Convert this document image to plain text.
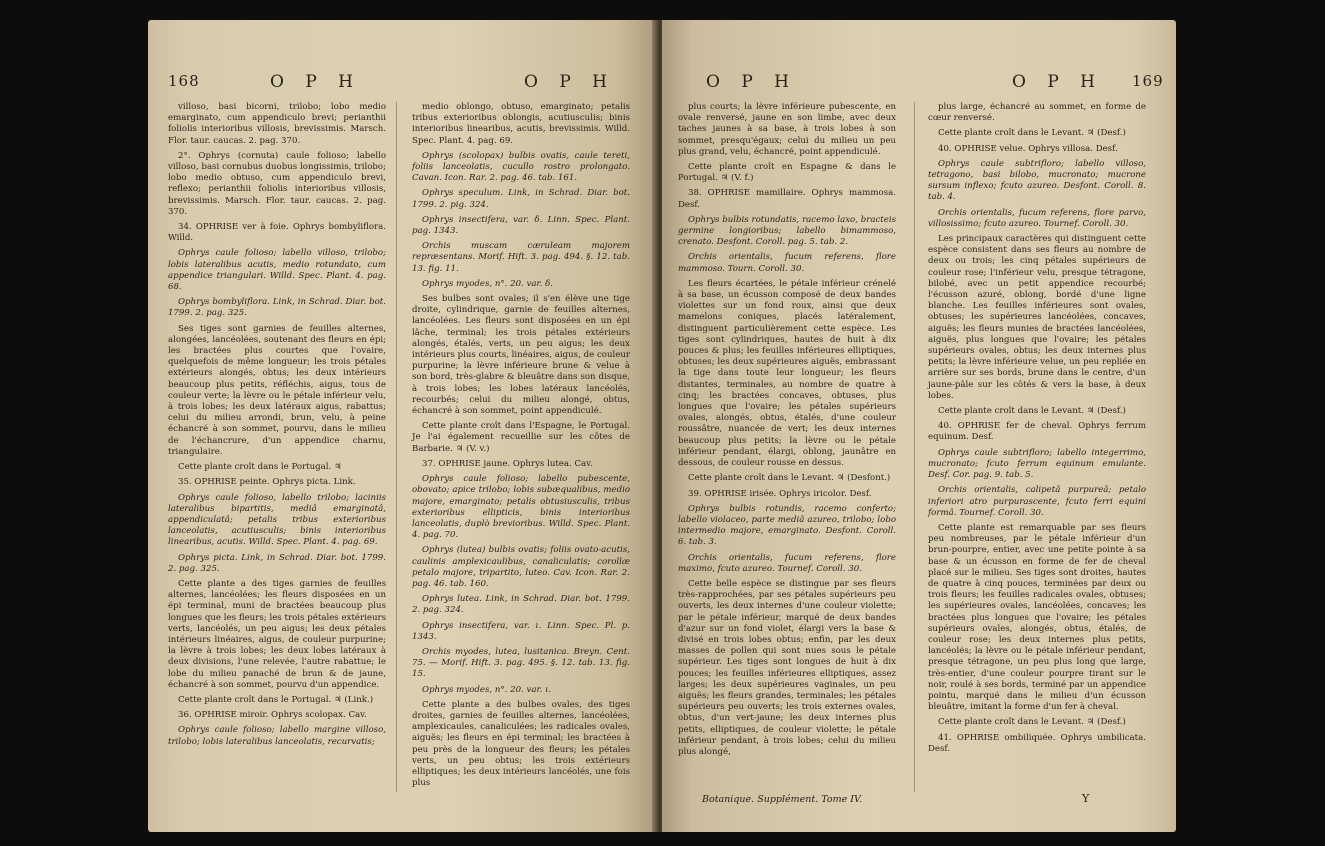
168	O P H	O P H

villoso, basi bicorni, trilobo; lobo medio emarginato, cum appendiculo brevi; perianthii foliolis interioribus villosis, brevissimis. Marsch. Flor. taur. caucas. 2. pag. 370.

2°. Ophrys (cornuta) caule folioso; labello villoso, basi cornubus duobus longissimis, trilobo; lobo medio obtuso, cum appendiculo brevi, reflexo; perianthii foliolis interioribus villosis, brevissimis. Marsch. Flor. taur. caucas. 2. pag. 370.

34. OPHRISE ver à foie. Ophrys bombyliflora. Willd.

Ophrys caule folioso; labello villoso, trilobo; lobis lateralibus acutis, medio rotundato, cum appendice triangulari. Willd. Spec. Plant. 4. pag. 68.

Ophrys bombyliflora. Link, in Schrad. Diar. bot. 1799. 2. pag. 325.

Ses tiges sont garnies de feuilles alternes, alongées, lancéolées, soutenant des fleurs en épi; les bractées plus courtes que l'ovaire, quelquefois de même longueur; les trois pétales extérieurs alongés, obtus; les deux intérieurs beaucoup plus petits, réfléchis, aigus, tous de couleur verte; la lèvre ou le pétale inférieur velu, à trois lobes; les deux latéraux aigus, rabattus; celui du milieu arrondi, brun, velu, à peine échancré à son sommet, pourvu, dans le milieu de l'échancrure, d'un appendice charnu, triangulaire.

Cette plante croît dans le Portugal. ♃

35. OPHRISE peinte. Ophrys picta. Link.

Ophrys caule folioso, labello trilobo; laciniis lateralibus bipartitis, mediâ emarginatâ, appendiculatâ; petalis tribus exterioribus lanceolatis, acutiusculis; binis interioribus linearibus, acutis. Willd. Spec. Plant. 4. pag. 69.

Ophrys picta. Link, in Schrad. Diar. bot. 1799. 2. pag. 325.

Cette plante a des tiges garnies de feuilles alternes, lancéolées; les fleurs disposées en un épi terminal, muni de bractées beaucoup plus longues que les fleurs; les trois pétales extérieurs verts, lancéolés, un peu aigus; les deux pétales intérieurs linéaires, aigus, de couleur purpurine; la lèvre à trois lobes; les deux lobes latéraux à deux divisions, l'une relevée, l'autre rabattue; le lobe du milieu panaché de brun & de jaune, échancré à son sommet, pourvu d'un appendice.

Cette plante croît dans le Portugal. ♃ (Link.)

36. OPHRISE miroir. Ophrys scolopax. Cav.

Ophrys caule folioso; labello margine villoso, trilobo; lobis lateralibus lanceolatis, recurvatis;

medio oblongo, obtuso, emarginato; petalis tribus exterioribus oblongis, acutiusculis; binis interioribus linearibus, acutis, brevissimis. Willd. Spec. Plant. 4. pag. 69.

Ophrys (scolopax) bulbis ovatis, caule tereti, foliis lanceolatis, cucullo rostro prolongato. Cavan. Icon. Rar. 2. pag. 46. tab. 161.

Ophrys speculum. Link, in Schrad. Diar. bot. 1799. 2. pig. 324.

Ophrys insectifera, var. δ. Linn. Spec. Plant. pag. 1343.

Orchis muscam cæruleam majorem repræsentans. Morif. Hift. 3. pag. 494. §. 12. tab. 13. fig. 11.

Ophrys myodes, n°. 20. var. δ.

Ses bulbes sont ovales; il s'en élève une tige droite, cylindrique, garnie de feuilles alternes, lancéolées. Les fleurs sont disposées en un épi lâche, terminal; les trois pétales extérieurs alongés, étalés, verts, un peu aigus; les deux intérieurs plus courts, linéaires, aigus, de couleur purpurine; la lèvre inférieure brune & velue à son bord, très-glabre & bleuâtre dans son disque, à trois lobes; les lobes latéraux lancéolés, recourbés; celui du milieu alongé, obtus, échancré à son sommet, point appendiculé.

Cette plante croît dans l'Espagne, le Portugal. Je l'ai également recueillie sur les côtes de Barbarie. ♃ (V. v.)

37. OPHRISE jaune. Ophrys lutea. Cav.

Ophrys caule folioso; labello pubescente, obovato; apice trilobo; lobis subæqualibus, medio majore, emarginato; petalis obtusiusculis, tribus exterioribus ellipticis, binis interioribus lanceolatis, duplò brevioribus. Willd. Spec. Plant. 4. pag. 70.

Ophrys (lutea) bulbis ovatis; foliis ovato-acutis, caulinis amplexicaulibus, canaliculatis; corollæ petalo majore, tripartito, luteo. Cav. Icon. Rar. 2. pag. 46. tab. 160.

Ophrys lutea. Link, in Schrad. Diar. bot. 1799. 2. pag. 324.

Ophrys insectifera, var. ι. Linn. Spec. Pl. p. 1343.

Orchis myodes, lutea, lusitanica. Breyn. Cent. 75. — Morif. Hift. 3. pag. 495. §. 12. tab. 13. fig. 15.

Ophrys myodes, n°. 20. var. ι.

Cette plante a des bulbes ovales, des tiges droites, garnies de feuilles alternes, lancéolées, amplexicaules, canaliculées; les radicales ovales, aiguës; les fleurs en épi terminal; les bractées à peu près de la longueur des fleurs; les pétales verts, un peu obtus; les trois extérieurs elliptiques; les deux intérieurs lancéolés, une fois plus

O P H	O P H 169

plus courts; la lèvre inférieure pubescente, en ovale renversé, jaune en son limbe, avec deux taches jaunes à sa base, à trois lobes à son sommet, presqu'égaux; celui du milieu un peu plus grand, velu, échancré, point appendiculé.

Cette plante croît en Espagne & dans le Portugal. ♃ (V. f.)

38. OPHRISE mamillaire. Ophrys mammosa. Desf.

Ophrys bulbis rotundatis, racemo laxo, bracteis germine longioribus; labello bimammoso, crenato. Desfont. Coroll. pag. 5. tab. 2.

Orchis orientalis, fucum referens, flore mammoso. Tourn. Coroll. 30.

Les fleurs écartées, le pétale inférieur crénelé à sa base, un écusson composé de deux bandes violettes sur un fond roux, ainsi que deux mamelons coniques, placés latéralement, distinguent particulièrement cette espèce. Les tiges sont cylindriques, hautes de huit à dix pouces & plus; les feuilles inférieures elliptiques, obtuses; les deux supérieures aiguës, embrassant la tige dans toute leur longueur; les fleurs distantes, terminales, au nombre de quatre à cinq; les bractées concaves, obtuses, plus longues que l'ovaire; les pétales supérieurs ovales, alongés, obtus, étalés, d'une couleur roussâtre, nuancée de vert; les deux internes beaucoup plus petits; la lèvre ou le pétale inférieur pendant, élargi, oblong, jaunâtre en dessous, de couleur rousse en dessus.

Cette plante croît dans le Levant. ♃ (Desfont.)

39. OPHRISE irisée. Ophrys iricolor. Desf.

Ophrys bulbis rotundis, racemo conferto; labello violaceo, parte mediâ azureo, trilobo; lobo intermedio majore, emarginato. Desfont. Coroll. 6. tab. 3.

Orchis orientalis, fucum referens, flore maximo, fcuto azureo. Tournef. Coroll. 30.

Cette belle espèce se distingue par ses fleurs très-rapprochées, par ses pétales supérieurs peu ouverts, les deux internes d'une couleur violette; par le pétale inférieur, marqué de deux bandes d'azur sur un fond violet, élargi vers la base & divisé en trois lobes obtus; enfin, par les deux masses de pollen qui sont nues sous le pétale supérieur. Les tiges sont longues de huit à dix pouces; les feuilles inférieures elliptiques, assez larges; les deux supérieures vaginales, un peu aiguës; les fleurs grandes, terminales; les pétales supérieurs peu ouverts; les trois externes ovales, obtus, d'un vert-jaune; les deux internes plus petits, elliptiques, de couleur violette; le pétale inférieur pendant, à trois lobes; celui du milieu plus alongé,

plus large, échancré au sommet, en forme de cœur renversé.

Cette plante croît dans le Levant. ♃ (Desf.)

40. OPHRISE velue. Ophrys villosa. Desf.

Ophrys caule subtrifloro; labello villoso, tetragono, basi bilobo, mucronato; mucrone sursum inflexo; fcuto azureo. Desfont. Coroll. 8. tab. 4.

Orchis orientalis, fucum referens, flore parvo, villosissimo; fcuto azureo. Tournef. Coroll. 30.

Les principaux caractères qui distinguent cette espèce consistent dans ses fleurs au nombre de deux ou trois; les cinq pétales supérieurs de couleur rose; l'inférieur velu, presque tétragone, bilobé, avec un petit appendice recourbé; l'écusson azuré, oblong, bordé d'une ligne blanche. Les feuilles inférieures sont ovales, obtuses; les supérieures lancéolées, concaves, aiguës; les fleurs munies de bractées lancéolées, aiguës, plus longues que l'ovaire; les pétales supérieurs ovales, obtus; les deux internes plus petits; la lèvre inférieure velue, un peu repliée en arrière sur ses bords, brune dans le centre, d'un jaune-pâle sur les côtés & vers la base, à deux lobes.

Cette plante croît dans le Levant. ♃ (Desf.)

40. OPHRISE fer de cheval. Ophrys ferrum equinum. Desf.

Ophrys caule subtrifloro; labello integerrimo, mucronato; fcuto ferrum equinum emulante. Desf. Cor. pag. 9. tab. 5.

Orchis orientalis, calipetâ purpureâ; petalo inferiori atro purpurascente, fcuto ferri equini formâ. Tournef. Coroll. 30.

Cette plante est remarquable par ses fleurs peu nombreuses, par le pétale inférieur d'un brun-pourpre, entier, avec une petite pointe à sa base & un écusson en forme de fer de cheval placé sur le milieu. Ses tiges sont droites, hautes de quatre à cinq pouces, terminées par deux ou trois fleurs; les feuilles radicales ovales, obtuses; les supérieures ovales, lancéolées, concaves; les bractées plus longues que l'ovaire; les pétales supérieurs ovales, alongés, obtus, étalés, de couleur rose; les deux internes plus petits, lancéolés; la lèvre ou le pétale inférieur pendant, presque tétragone, un peu plus long que large, très-entier, d'une couleur pourpre tirant sur le noir, roulé à ses bords, terminé par un appendice pointu, marqué dans le milieu d'un écusson bleuâtre, imitant la forme d'un fer à cheval.

Cette plante croît dans le Levant. ♃ (Desf.)

41. OPHRISE ombiliquée. Ophrys umbilicata. Desf.

Botanique. Supplément. Tome IV.	Y
